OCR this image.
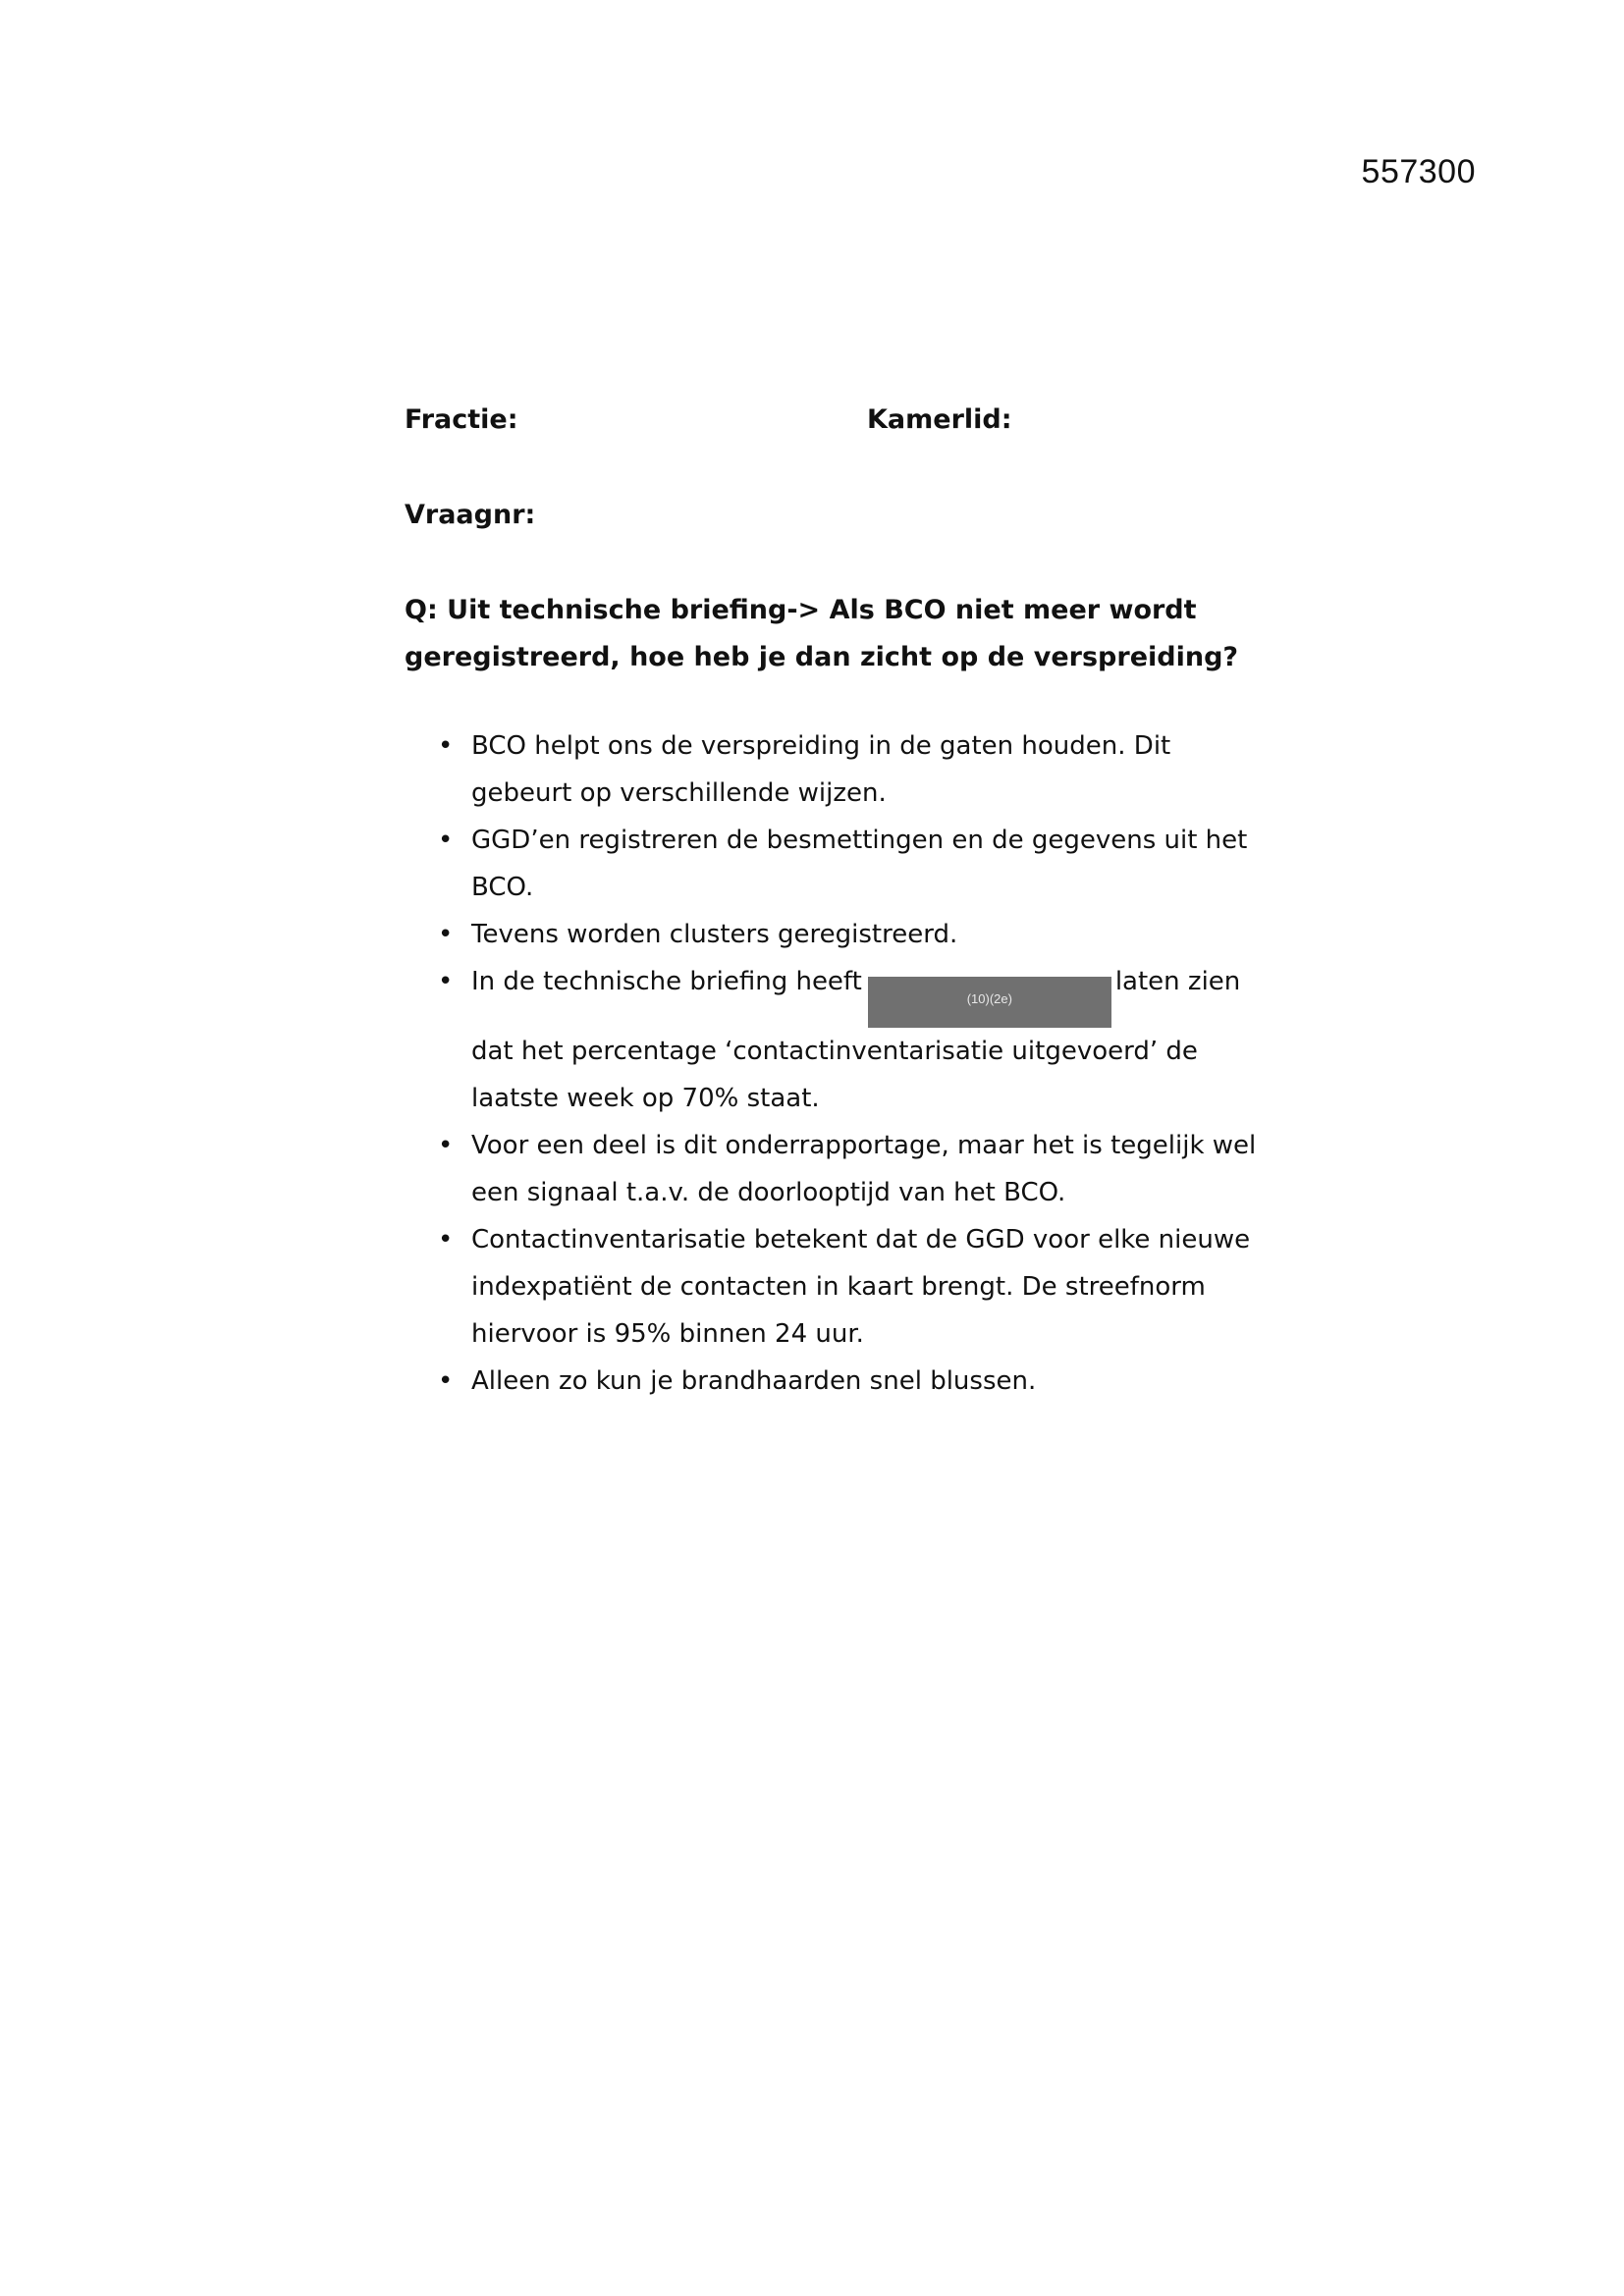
557300
Fractie:	Kamerlid:
Vraagnr:

Q: Uit technische briefing-> Als BCO niet meer wordt
geregistreerd, hoe heb je dan zicht op de verspreiding?

• BCO helpt ons de verspreiding in de gaten houden. Dit gebeurt op verschillende wijzen.
• GGD’en registreren de besmettingen en de gegevens uit het BCO.
• Tevens worden clusters geregistreerd.
• In de technische briefing heeft(10)(2e)laten zien dat het percentage ‘contactinventarisatie uitgevoerd’ de laatste week op 70% staat.
• Voor een deel is dit onderrapportage, maar het is tegelijk wel een signaal t.a.v. de doorlooptijd van het BCO.
• Contactinventarisatie betekent dat de GGD voor elke nieuwe indexpatiënt de contacten in kaart brengt. De streefnorm hiervoor is 95% binnen 24 uur.
• Alleen zo kun je brandhaarden snel blussen.
